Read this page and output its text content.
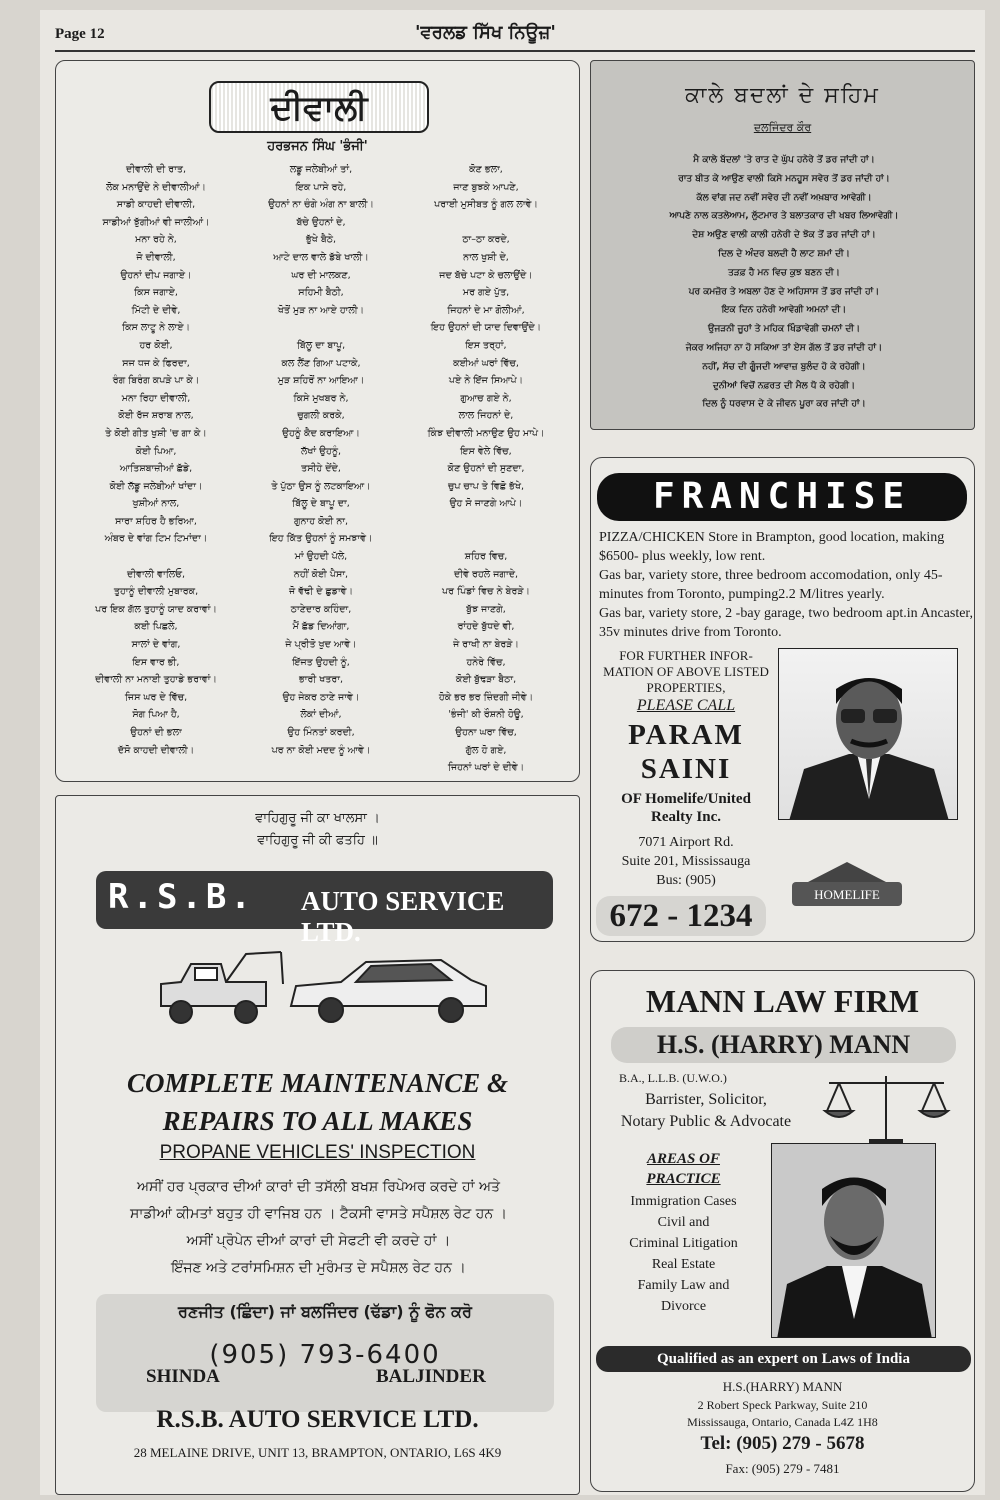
Page 12	'ਵਰਲਡ ਸਿੱਖ ਨਿਊਜ਼'
ਦੀਵਾਲੀ
ਹਰਭਜਨ ਸਿੰਘ 'ਭੰਜੀ'
ਦੀਵਾਲੀ ਦੀ ਰਾਤ,
ਲੋਕ ਮਨਾਉਂਦੇ ਨੇ ਦੀਵਾਲੀਆਂ।
ਸਾਡੀ ਕਾਹਦੀ ਦੀਵਾਲੀ,
ਸਾਡੀਆਂ ਝੁੱਗੀਆਂ ਵੀ ਜਾਲੀਆਂ।
ਮਨਾ ਰਹੇ ਨੇ,
ਜੋ ਦੀਵਾਲੀ,
ਉਹਨਾਂ ਦੀਪ ਜਗਾਏ।
ਕਿਸ ਜਗਾਏ,
ਮਿੱਟੀ ਦੇ ਦੀਵੇ,
ਕਿਸ ਲਾਟੂ ਨੇ ਲਾਏ।
ਹਰ ਕੋਈ,
ਸਜ ਧਜ ਕੇ ਫਿਰਦਾ,
ਰੰਗ ਬਿਰੰਗ ਕਪੜੇ ਪਾ ਕੇ।
ਮਨਾ ਰਿਹਾ ਦੀਵਾਲੀ,
ਕੋਈ ਰੱਜ ਸ਼ਰਾਬ ਨਾਲ,
ਤੇ ਕੋਈ ਗੀਤ ਖੁਸ਼ੀ 'ਚ ਗਾ ਕੇ।
ਕੋਈ ਪਿਆ,
ਆਤਿਸ਼ਬਾਜ਼ੀਆਂ ਛੱਡੇ,
ਕੋਈ ਲੱਡੂ ਜਲੇਬੀਆਂ ਖਾਂਦਾ।
ਖੁਸ਼ੀਆਂ ਨਾਲ,
ਸਾਰਾ ਸ਼ਹਿਰ ਹੈ ਭਰਿਆ,
ਅੰਬਰ ਦੇ ਵਾਂਗ ਟਿਮ ਟਿਮਾਂਦਾ।

ਦੀਵਾਲੀ ਵਾਲਿਓ,
ਤੁਹਾਨੂੰ ਦੀਵਾਲੀ ਮੁਬਾਰਕ,
ਪਰ ਇਕ ਗੱਲ ਤੁਹਾਨੂੰ ਯਾਦ ਕਰਾਵਾਂ।
ਕਈ ਪਿਛਲੇ,
ਸਾਲਾਂ ਦੇ ਵਾਂਗ,
ਇਸ ਵਾਰ ਭੀ,
ਦੀਵਾਲੀ ਨਾ ਮਨਾਈ ਤੁਹਾਡੇ ਭਰਾਵਾਂ।
ਜਿਸ ਘਰ ਦੇ ਵਿੱਚ,
ਸੋਗ ਪਿਆ ਹੈ,
ਉਹਨਾਂ ਦੀ ਭਲਾ
ਦੱਸੋ ਕਾਹਦੀ ਦੀਵਾਲੀ।
ਲਡੂ ਜਲੇਬੀਆਂ ਤਾਂ,
ਇਕ ਪਾਸੇ ਰਹੇ,
ਉਹਨਾਂ ਨਾ ਚੰਗੇ ਅੰਗ ਨਾ ਬਾਲੀ।
ਬੱਚੇ ਉਹਨਾਂ ਦੇ,
ਭੁੱਖੇ ਬੈਠੇ,
ਆਟੇ ਦਾਲ ਵਾਲੇ ਡੱਬੇ ਖਾਲੀ।
ਘਰ ਦੀ ਮਾਲਕਣ,
ਸਹਿਮੀ ਬੈਠੀ,
ਖੋਤੋਂ ਮੁੜ ਨਾ ਆਏ ਹਾਲੀ।

ਬਿੱਲੂ ਦਾ ਬਾਪੂ,
ਕਲ ਲੈਂਣ ਗਿਆ ਪਟਾਕੇ,
ਮੁੜ ਸ਼ਹਿਰੋਂ ਨਾ ਆਇਆ।
ਕਿਸੇ ਮੁਖਬਰ ਨੇ,
ਚੁਗਲੀ ਕਰਕੇ,
ਉਹਨੂੰ ਕੈਦ ਕਰਾਇਆ।
ਲੱਖਾਂ ਉਹਨੂੰ,
ਤਸੀਹੇ ਦੇਂਦੇ,
ਤੇ ਪੁੱਠਾ ਉਸ ਨੂੰ ਲਟਕਾਇਆ।
ਬਿੱਲੂ ਦੇ ਬਾਪੂ ਦਾ,
ਗੁਨਾਹ ਕੋਈ ਨਾ,
ਇਹ ਕਿੱਤ ਉਹਨਾਂ ਨੂੰ ਸਮਝਾਵੇ।
ਮਾਂ ਉਹਦੀ ਪੱਲੇ,
ਨਹੀਂ ਕੋਈ ਪੈਸਾ,
ਜੋ ਵੱਢੀ ਦੇ ਛੁਡਾਵੇ।
ਠਾਣੇਦਾਰ ਕਹਿੰਦਾ,
ਮੈਂ ਛੱਡ ਦਿਆਂਗਾ,
ਜੇ ਪ੍ਰੀਤੋ ਖੁਦ ਆਵੇ।
ਇੱਜਤ ਉਹਦੀ ਨੂੰ,
ਭਾਰੀ ਖਤਰਾ,
ਉਹ ਜੇਕਰ ਠਾਣੇ ਜਾਵੇ।
ਲੋਕਾਂ ਦੀਆਂ,
ਉਹ ਮਿੰਨਤਾਂ ਕਰਦੀ,
ਪਰ ਨਾ ਕੋਈ ਮਦਦ ਨੂੰ ਆਵੇ।
ਕੋਣ ਭਲਾ,
ਜਾਣ ਬੁਝਕੇ ਆਪਣੇ,
ਪਰਾਈ ਮੁਸੀਬਤ ਨੂੰ ਗਲ ਲਾਵੇ।

ਠਾ–ਠਾ ਕਰਦੇ,
ਨਾਲ ਖੁਸ਼ੀ ਦੇ,
ਜਦ ਬੱਚੇ ਪਟਾ ਕੇ ਚਲਾਉਂਦੇ।
ਮਰ ਗਏ ਪੁੱਤ,
ਜਿਹਨਾਂ ਦੇ ਮਾ ਗੋਲੀਆਂ,
ਇਹ ਉਹਨਾਂ ਦੀ ਯਾਦ ਦਿਵਾਉਂਦੇ।
ਇਸ ਤਰ੍ਹਾਂ,
ਕਈਆਂ ਘਰਾਂ ਵਿੱਚ,
ਪਏ ਨੇ ਇੱਜ ਸਿਆਪੇ।
ਗੁਆਚ ਗਏ ਨੇ,
ਲਾਲ ਜਿਹਨਾਂ ਦੇ,
ਕਿੰਝ ਦੀਵਾਲੀ ਮਨਾਉਣ ਉਹ ਮਾਪੇ।
ਇਸ ਵੇਲੇ ਵਿੱਚ,
ਕੋਣ ਉਹਨਾਂ ਦੀ ਸੁਣਦਾ,
ਚੁਪ ਚਾਪ ਤੇ ਵਿਛੋ ਭੱਖੇ,
ਉਹ ਸੋ ਜਾਣਗੇ ਆਪੇ।

ਸ਼ਹਿਰ ਵਿਚ,
ਦੀਵੇ ਰਹਲੇ ਜਗਾਦੇ,
ਪਰ ਪਿੰਡਾਂ ਵਿਚ ਨੇ ਬੇਰੜੇ।
ਬੁੱਝ ਜਾਣਗੇ,
ਰਾਂਹਦੇ ਬੁੱਧਦੇ ਵੀ,
ਜੇ ਰਾਖੀ ਨਾ ਬੇਰੜੇ।
ਹਨੇਰੇ ਵਿੱਚ,
ਕੋਈ ਬੁੱਢੜਾ ਬੈਠਾ,
ਹੋਕੇ ਭਰ ਭਰ ਜ਼ਿੰਦਗੀ ਜੀਵੇ।
'ਭੰਜੀ' ਕੀ ਰੌਸ਼ਨੀ ਹੋਊ,
ਉਹਨਾ ਘਰਾ ਵਿੱਚ,
ਗੁੱਲ ਹੋ ਗਏ,
ਜਿਹਨਾਂ ਘਰਾਂ ਦੇ ਦੀਵੇ।
ਵਾਹਿਗੁਰੂ ਜੀ ਕਾ ਖਾਲਸਾ ।
ਵਾਹਿਗੁਰੂ ਜੀ ਕੀ ਫਤਹਿ ॥
R.S.B. AUTO SERVICE LTD.
COMPLETE MAINTENANCE &
REPAIRS TO ALL MAKES
PROPANE VEHICLES' INSPECTION
ਅਸੀਂ ਹਰ ਪ੍ਰਕਾਰ ਦੀਆਂ ਕਾਰਾਂ ਦੀ ਤਸੱਲੀ ਬਖਸ਼ ਰਿਪੇਅਰ ਕਰਦੇ ਹਾਂ ਅਤੇ
ਸਾਡੀਆਂ ਕੀਮਤਾਂ ਬਹੁਤ ਹੀ ਵਾਜਿਬ ਹਨ । ਟੈਕਸੀ ਵਾਸਤੇ ਸਪੈਸ਼ਲ ਰੇਟ ਹਨ ।
ਅਸੀਂ ਪ੍ਰੋਪੇਨ ਦੀਆਂ ਕਾਰਾਂ ਦੀ ਸੇਫਟੀ ਵੀ ਕਰਦੇ ਹਾਂ ।
ਇੰਜਣ ਅਤੇ ਟਰਾਂਸਮਿਸ਼ਨ ਦੀ ਮੁਰੰਮਤ ਦੇ ਸਪੈਸ਼ਲ ਰੇਟ ਹਨ ।
ਰਣਜੀਤ (ਛਿੰਦਾ) ਜਾਂ ਬਲਜਿੰਦਰ (ਢੱਡਾ) ਨੂੰ ਫੋਨ ਕਰੋ
(905) 793-6400
SHINDA	BALJINDER
R.S.B. AUTO SERVICE LTD.
28 MELAINE DRIVE, UNIT 13, BRAMPTON, ONTARIO, L6S 4K9
ਕਾਲੇ ਬਦਲਾਂ ਦੇ ਸਹਿਮ
ਦਲਜਿੰਦਰ ਕੌਰ
ਮੈ ਕਾਲੇ ਬੱਦਲਾਂ 'ਤੇ ਰਾਤ ਦੇ ਘੁੱਪ ਹਨੇਰੇ ਤੋਂ ਡਰ ਜਾਂਦੀ ਹਾਂ।
ਰਾਤ ਬੀਤ ਕੇ ਆਉਣ ਵਾਲੀ ਕਿਸੇ ਮਨਹੂਸ ਸਵੇਰ ਤੋਂ ਡਰ ਜਾਂਦੀ ਹਾਂ।
ਕੱਲ ਵਾਂਗ ਜਦ ਨਵੀਂ ਸਵੇਰ ਦੀ ਨਵੀਂ ਅਖ਼ਬਾਰ ਆਵੇਗੀ।
ਆਪਣੇ ਨਾਲ ਕਤਲੇਆਮ, ਲੁੱਟਮਾਰ ਤੇ ਬਲਾਤਕਾਰ ਦੀ ਖਬਰ ਲਿਆਵੇਗੀ।
ਦੇਸ਼ ਅਉਣ ਵਾਲੀ ਕਾਲੀ ਹਨੇਰੀ ਦੇ ਝੋਕ ਤੋਂ ਡਰ ਜਾਂਦੀ ਹਾਂ।
ਦਿਲ ਦੇ ਅੰਦਰ ਬਲਦੀ ਹੈ ਲਾਟ ਸ਼ਮਾਂ ਦੀ।
ਤੜਫ਼ ਹੈ ਮਨ ਵਿਚ ਕੁਝ ਬਣਨ ਦੀ।
ਪਰ ਕਮਜ਼ੋਰ ਤੇ ਅਬਲਾ ਹੋਣ ਦੇ ਅਹਿਸਾਸ ਤੋਂ ਡਰ ਜਾਂਦੀ ਹਾਂ।
ਇਕ ਦਿਨ ਹਨੇਰੀ ਆਵੇਗੀ ਅਮਨਾਂ ਦੀ।
ਉਜੜਨੀ ਜੂਹਾਂ ਤੇ ਮਹਿਕ ਖਿੰਡਾਵੇਗੀ ਚਮਨਾਂ ਦੀ।
ਜੇਕਰ ਅਜਿਹਾ ਨਾ ਹੋ ਸਕਿਆ ਤਾਂ ਏਸ ਗੱਲ ਤੋਂ ਡਰ ਜਾਂਦੀ ਹਾਂ।
ਨਹੀਂ, ਸੱਚ ਦੀ ਗੂੰਜਦੀ ਆਵਾਜ਼ ਬੁਲੰਦ ਹੋ ਕੇ ਰਹੇਗੀ।
ਦੁਨੀਆਂ ਵਿਚੋਂ ਨਫ਼ਰਤ ਦੀ ਮੈਲ ਧੋ ਕੇ ਰਹੇਗੀ।
ਦਿਲ ਨੂੰ ਧਰਵਾਸ ਦੇ ਕੇ ਜੀਵਨ ਪੂਰਾ ਕਰ ਜਾਂਦੀ ਹਾਂ।
FRANCHISE
PIZZA/CHICKEN Store in Brampton, good location, making $6500- plus weekly, low rent.
Gas bar, variety store, three bedroom accomodation, only 45-minutes from Toronto, pumping2.2 M/litres yearly.
Gas bar, variety store, 2 -bay garage, two bedroom apt.in Ancaster, 35v minutes drive from Toronto.
FOR FURTHER INFOR- MATION OF ABOVE LISTED PROPERTIES,
PLEASE CALL
PARAM
SAINI
OF Homelife/United Realty Inc.
7071 Airport Rd.
Suite 201, Mississauga
Bus: (905)
672 - 1234
HOMELIFE
MANN LAW FIRM
H.S. (HARRY) MANN
B.A., L.L.B. (U.W.O.)
Barrister, Solicitor,
Notary Public & Advocate
AREAS OF
PRACTICE
Immigration Cases
Civil and
Criminal Litigation
Real Estate
Family Law and
Divorce
Qualified as an expert on Laws of India
H.S.(HARRY) MANN
2 Robert Speck Parkway, Suite 210
Mississauga, Ontario, Canada L4Z 1H8
Tel: (905) 279 - 5678
Fax: (905) 279 - 7481
